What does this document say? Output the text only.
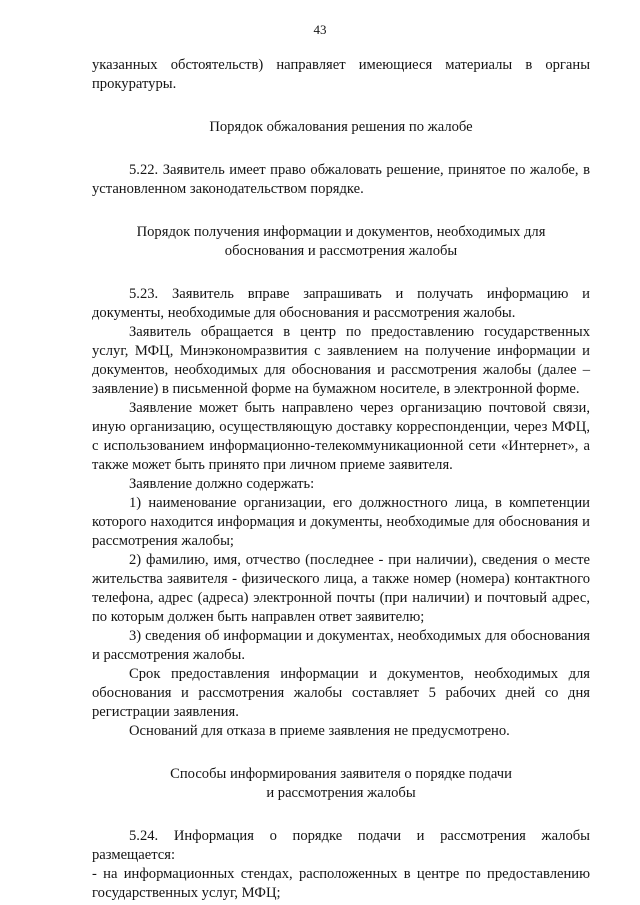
43

указанных обстоятельств) направляет имеющиеся материалы в органы прокуратуры.

Порядок обжалования решения по жалобе

5.22. Заявитель имеет право обжаловать решение, принятое по жалобе, в установленном законодательством порядке.

Порядок получения информации и документов, необходимых для
обоснования и рассмотрения жалобы

5.23. Заявитель вправе запрашивать и получать информацию и документы, необходимые для обоснования и рассмотрения жалобы.

Заявитель обращается в центр по предоставлению государственных услуг, МФЦ, Минэкономразвития с заявлением на получение информации и документов, необходимых для обоснования и рассмотрения жалобы (далее – заявление) в письменной форме на бумажном носителе, в электронной форме.

Заявление может быть направлено через организацию почтовой связи, иную организацию, осуществляющую доставку корреспонденции, через МФЦ, с использованием информационно-телекоммуникационной сети «Интернет», а также может быть принято при личном приеме заявителя.

Заявление должно содержать:

1) наименование организации, его должностного лица, в компетенции которого находится информация и документы, необходимые для обоснования и рассмотрения жалобы;

2) фамилию, имя, отчество (последнее - при наличии), сведения о месте жительства заявителя - физического лица, а также номер (номера) контактного телефона, адрес (адреса) электронной почты (при наличии) и почтовый адрес, по которым должен быть направлен ответ заявителю;

3) сведения об информации и документах, необходимых для обоснования и рассмотрения жалобы.

Срок предоставления информации и документов, необходимых для обоснования и рассмотрения жалобы составляет 5 рабочих дней со дня регистрации заявления.

Оснований для отказа в приеме заявления не предусмотрено.

Способы информирования заявителя о порядке подачи
и рассмотрения жалобы

5.24. Информация о порядке подачи и рассмотрения жалобы размещается:

- на информационных стендах, расположенных в центре по предоставлению государственных услуг, МФЦ;
